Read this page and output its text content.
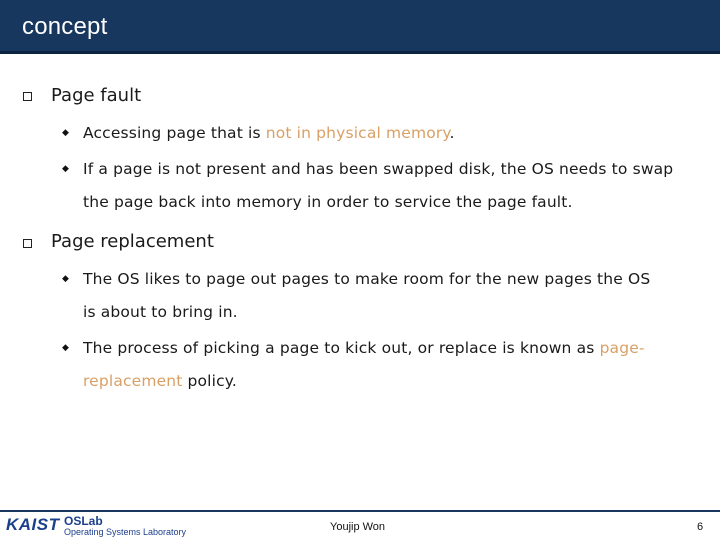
concept
Page fault
◆ Accessing page that is not in physical memory.
◆ If a page is not present and has been swapped disk, the OS needs to swap
the page back into memory in order to service the page fault.
Page replacement
◆ The OS likes to page out pages to make room for the new pages the OS
is about to bring in.
◆ The process of picking a page to kick out, or replace is known as page-
replacement policy.
KAIST OSLab
Operating Systems Laboratory	Youjip Won	6
